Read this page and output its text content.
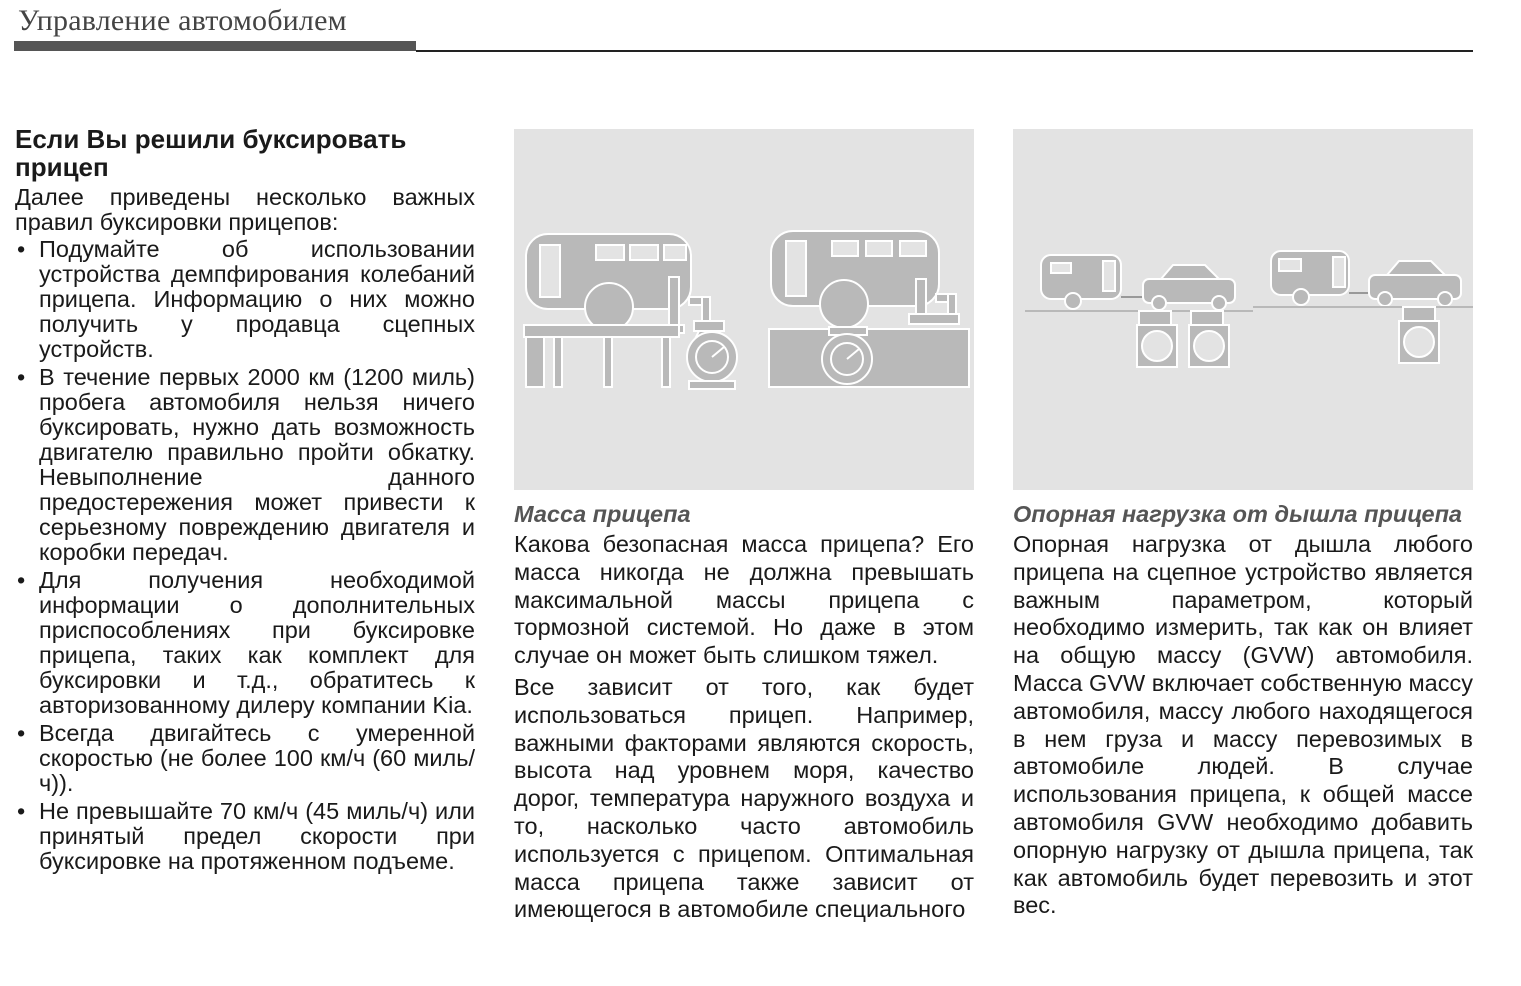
Управление автомобилем
Если Вы решили буксировать прицеп
Далее приведены несколько важных правил буксировки прицепов:
• Подумайте об использовании устройства демпфирования колебаний прицепа. Информацию о них можно получить у продавца сцепных устройств.
• В течение первых 2000 км (1200 миль) пробега автомобиля нельзя ничего буксировать, нужно дать возможность двигателю правильно пройти обкатку. Невыполнение данного предостережения может привести к серьезному повреждению двигателя и коробки передач.
• Для получения необходимой информации о дополнительных приспособлениях при буксировке прицепа, таких как комплект для буксировки и т.д., обратитесь к авторизованному дилеру компании Kia.
• Всегда двигайтесь с умеренной скоростью (не более 100 км/ч (60 миль/ч)).
• Не превышайте 70 км/ч (45 миль/ч) или принятый предел скорости при буксировке на протяженном подъеме.
Масса прицепа
Какова безопасная масса прицепа? Его масса никогда не должна превышать максимальной массы прицепа с тормозной системой. Но даже в этом случае он может быть слишком тяжел.
Все зависит от того, как будет использоваться прицеп. Например, важными факторами являются скорость, высота над уровнем моря, качество дорог, температура наружного воздуха и то, насколько часто автомобиль используется с прицепом. Оптимальная масса прицепа также зависит от имеющегося в автомобиле специального
Опорная нагрузка от дышла прицепа
Опорная нагрузка от дышла любого прицепа на сцепное устройство является важным параметром, который необходимо измерить, так как он влияет на общую массу (GVW) автомобиля. Масса GVW включает собственную массу автомобиля, массу любого находящегося в нем груза и массу перевозимых в автомобиле людей. В случае использования прицепа, к общей массе автомобиля GVW необходимо добавить опорную нагрузку от дышла прицепа, так как автомобиль будет перевозить и этот вес.
